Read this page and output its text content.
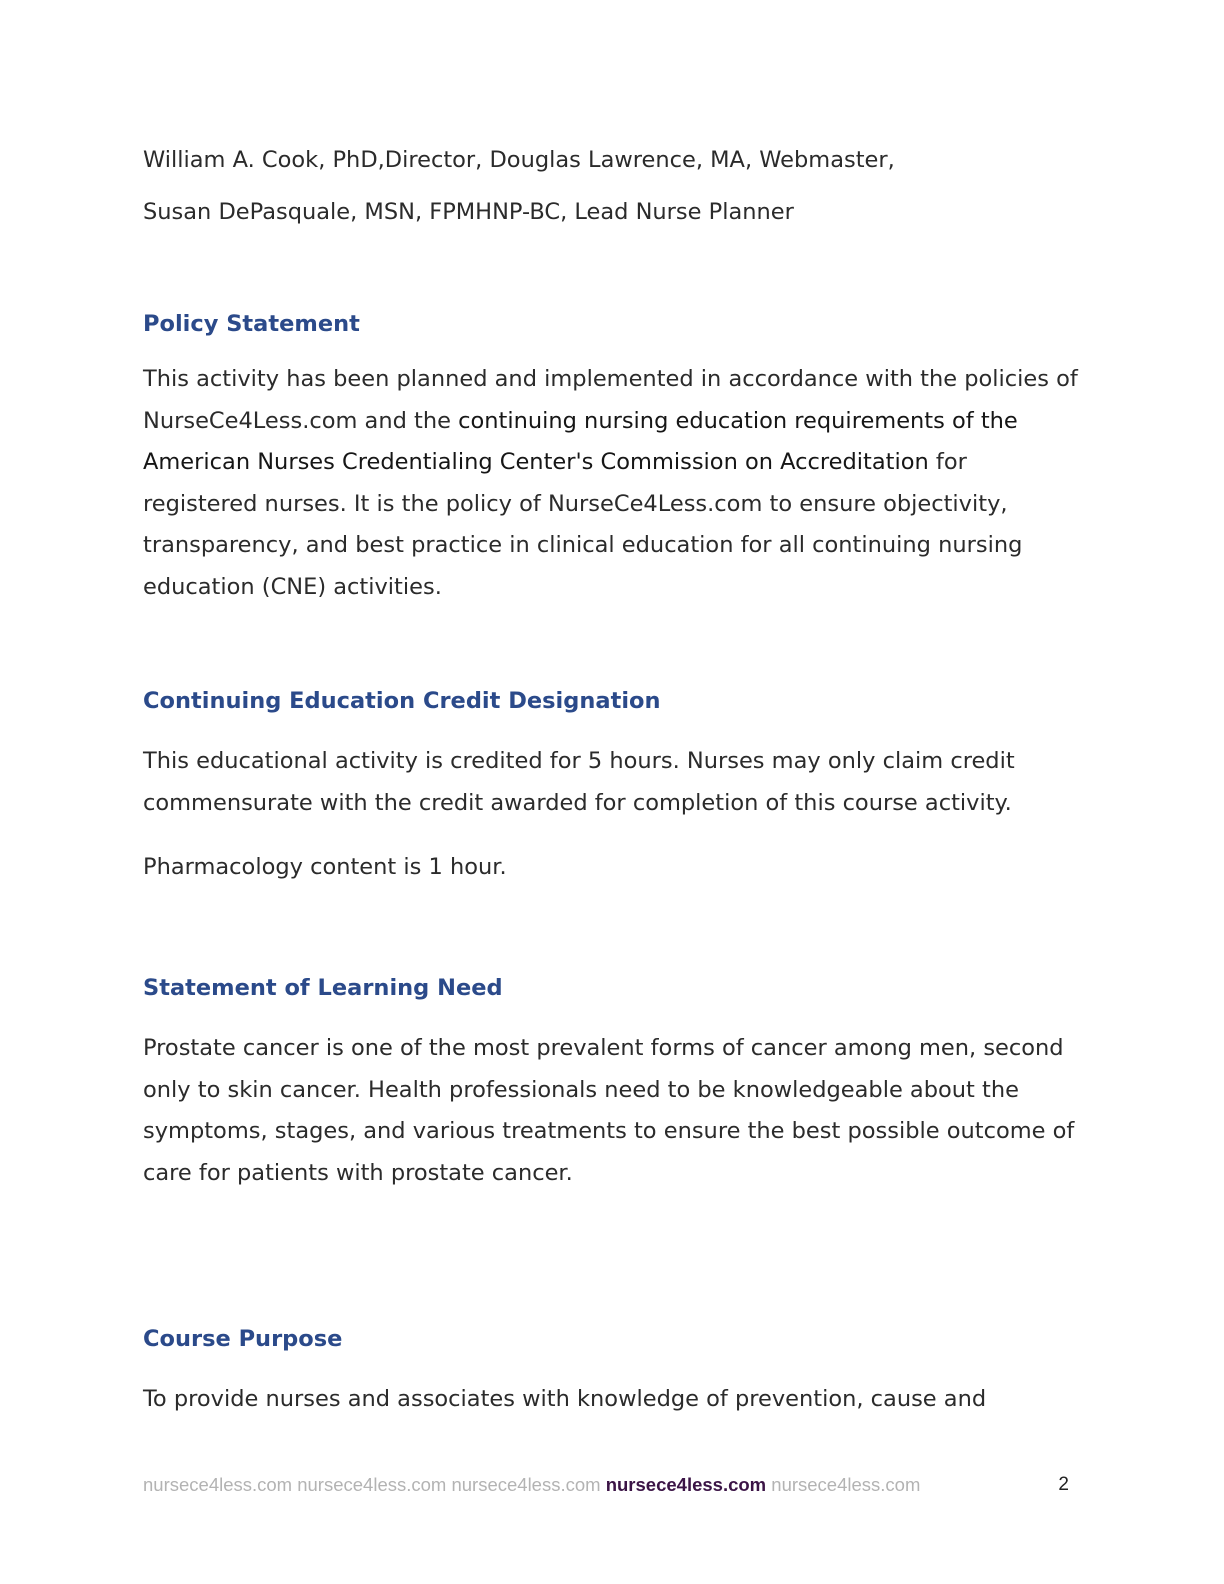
William A. Cook, PhD,Director, Douglas Lawrence, MA, Webmaster,

Susan DePasquale, MSN, FPMHNP-BC, Lead Nurse Planner

Policy Statement

This activity has been planned and implemented in accordance with the policies of NurseCe4Less.com and the continuing nursing education requirements of the American Nurses Credentialing Center's Commission on Accreditation for registered nurses. It is the policy of NurseCe4Less.com to ensure objectivity, transparency, and best practice in clinical education for all continuing nursing education (CNE) activities.

Continuing Education Credit Designation

This educational activity is credited for 5 hours. Nurses may only claim credit commensurate with the credit awarded for completion of this course activity.

Pharmacology content is 1 hour.

Statement of Learning Need

Prostate cancer is one of the most prevalent forms of cancer among men, second only to skin cancer. Health professionals need to be knowledgeable about the symptoms, stages, and various treatments to ensure the best possible outcome of care for patients with prostate cancer.

Course Purpose

To provide nurses and associates with knowledge of prevention, cause and

nursece4less.com nursece4less.com nursece4less.com nursece4less.com nursece4less.com	2
